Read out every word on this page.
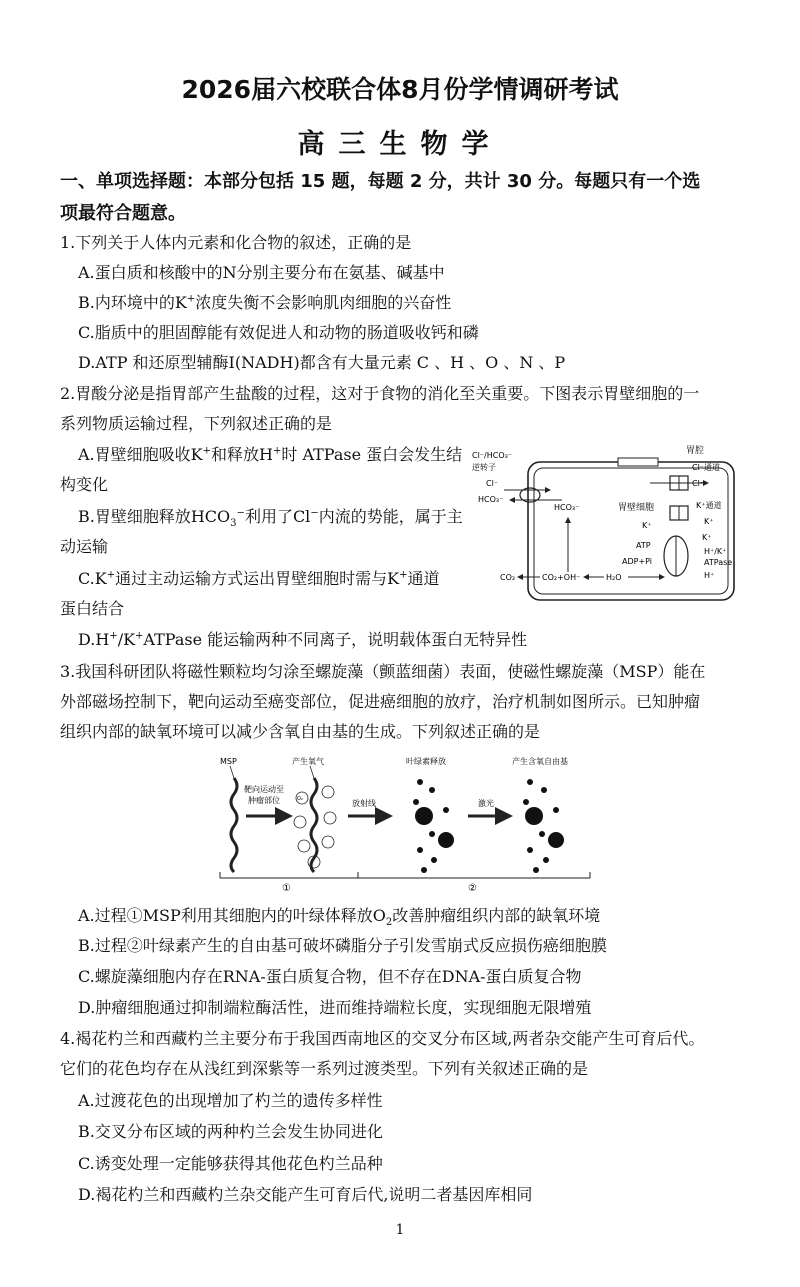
2026届六校联合体8月份学情调研考试
高三生物学
一、单项选择题：本部分包括 15 题，每题 2 分，共计 30 分。每题只有一个选
项最符合题意。
1.下列关于人体内元素和化合物的叙述，正确的是
A.蛋白质和核酸中的N分别主要分布在氨基、碱基中
B.内环境中的K+浓度失衡不会影响肌肉细胞的兴奋性
C.脂质中的胆固醇能有效促进人和动物的肠道吸收钙和磷
D.ATP 和还原型辅酶Ⅰ(NADH)都含有大量元素 C 、H 、O 、N 、P
2.胃酸分泌是指胃部产生盐酸的过程，这对于食物的消化至关重要。下图表示胃壁细胞的一
系列物质运输过程，下列叙述正确的是
A.胃壁细胞吸收K+和释放H+时 ATPase 蛋白会发生结
构变化
B.胃壁细胞释放$HCO_3^-$利用了Cl−内流的势能，属于主
动运输
C.K+通过主动运输方式运出胃壁细胞时需与K+通道
蛋白结合
D.H+/K+ATPase 能运输两种不同离子，说明载体蛋白无特异性
胃腔
胃壁细胞
Cl⁻/HCO₃⁻
逆转子
Cl⁻
HCO₃⁻
HCO₃⁻
Cl⁻通道
Cl⁻
K⁺通道
K⁺
K⁺
K⁺
ATP
ADP+Pi
H⁺/K⁺
ATPase
H⁺
CO₂	CO₂+OH⁻	H₂O
3.我国科研团队将磁性颗粒均匀涂至螺旋藻（颤蓝细菌）表面，使磁性螺旋藻（MSP）能在
外部磁场控制下，靶向运动至癌变部位，促进癌细胞的放疗，治疗机制如图所示。已知肿瘤
组织内部的缺氧环境可以减少含氧自由基的生成。下列叙述正确的是
MSP
靶向运动至
肿瘤部位
产生氧气
O₂	放射线
叶绿素释放
激光
产生含氧自由基
①	②
A.过程①MSP利用其细胞内的叶绿体释放$O_2$改善肿瘤组织内部的缺氧环境
B.过程②叶绿素产生的自由基可破坏磷脂分子引发雪崩式反应损伤癌细胞膜
C.螺旋藻细胞内存在RNA-蛋白质复合物，但不存在DNA-蛋白质复合物
D.肿瘤细胞通过抑制端粒酶活性，进而维持端粒长度，实现细胞无限增殖
4.褐花杓兰和西藏杓兰主要分布于我国西南地区的交叉分布区域,两者杂交能产生可育后代。
它们的花色均存在从浅红到深紫等一系列过渡类型。下列有关叙述正确的是
A.过渡花色的出现增加了杓兰的遗传多样性
B.交叉分布区域的两种杓兰会发生协同进化
C.诱变处理一定能够获得其他花色杓兰品种
D.褐花杓兰和西藏杓兰杂交能产生可育后代,说明二者基因库相同
1
